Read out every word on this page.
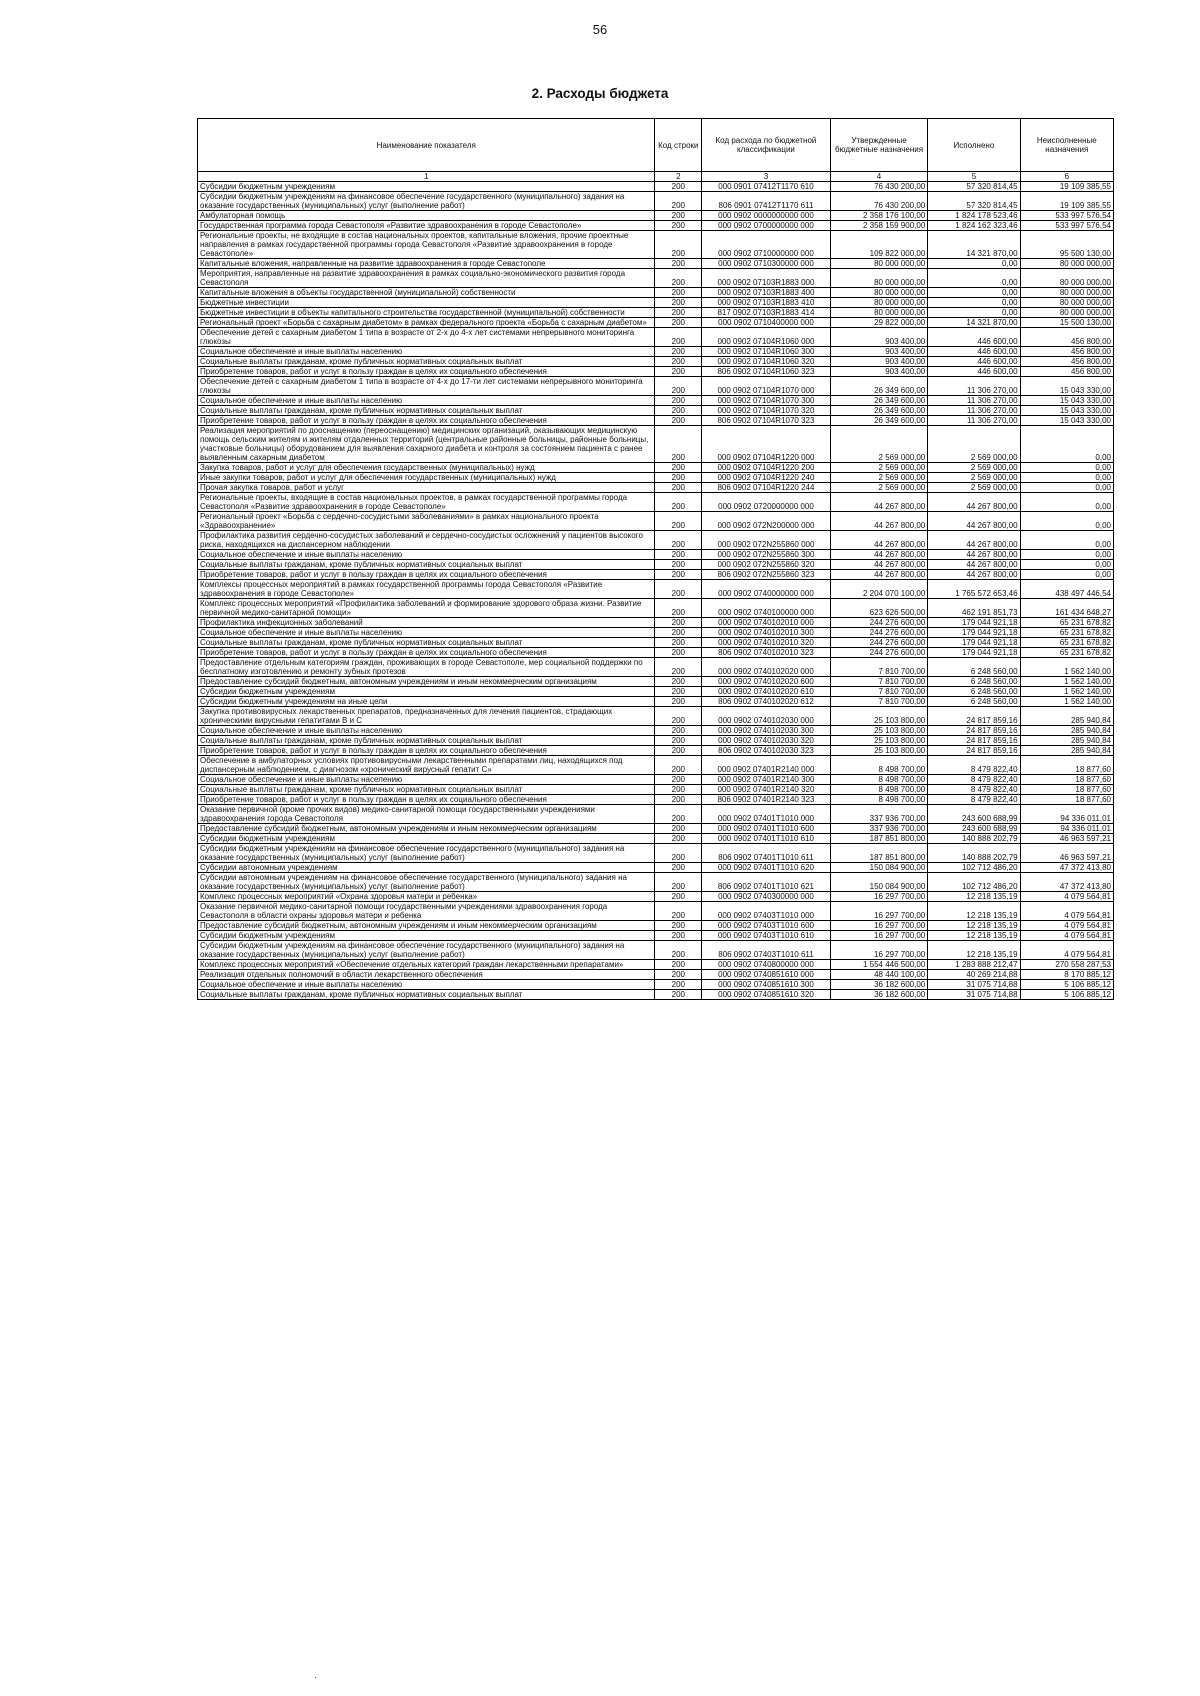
56
2. Расходы бюджета
Наименование показателя	Код строки	Код расхода по бюджетной классификации	Утвержденные бюджетные назначения	Исполнено	Неисполненные назначения
1	2	3	4	5	6
Субсидии бюджетным учреждениям	200	000 0901 07412Т1170 610	76 430 200,00	57 320 814,45	19 109 385,55
Субсидии бюджетным учреждениям на финансовое обеспечение государственного (муниципального) задания на оказание государственных (муниципальных) услуг (выполнение работ)	200	806 0901 07412Т1170 611	76 430 200,00	57 320 814,45	19 109 385,55
Амбулаторная помощь	200	000 0902 0000000000 000	2 358 176 100,00	1 824 178 523,46	533 997 576,54
Государственная программа города Севастополя «Развитие здравоохранения в городе Севастополе»	200	000 0902 0700000000 000	2 358 159 900,00	1 824 162 323,46	533 997 576,54
Региональные проекты, не входящие в состав национальных проектов, капитальные вложения, прочие проектные направления в рамках государственной программы города Севастополя «Развитие здравоохранения в городе Севастополе»	200	000 0902 0710000000 000	109 822 000,00	14 321 870,00	95 500 130,00
Капитальные вложения, направленные на развитие здравоохранения в городе Севастополе	200	000 0902 0710300000 000	80 000 000,00	0,00	80 000 000,00
Мероприятия, направленные на развитие здравоохранения в рамках социально-экономического развития города Севастополя	200	000 0902 07103R1883 000	80 000 000,00	0,00	80 000 000,00
Капитальные вложения в объекты государственной (муниципальной) собственности	200	000 0902 07103R1883 400	80 000 000,00	0,00	80 000 000,00
Бюджетные инвестиции	200	000 0902 07103R1883 410	80 000 000,00	0,00	80 000 000,00
Бюджетные инвестиции в объекты капитального строительства государственной (муниципальной) собственности	200	817 0902 07103R1883 414	80 000 000,00	0,00	80 000 000,00
Региональный проект «Борьба с сахарным диабетом» в рамках федерального проекта «Борьба с сахарным диабетом»	200	000 0902 0710400000 000	29 822 000,00	14 321 870,00	15 500 130,00
Обеспечение детей с сахарным диабетом 1 типа в возрасте от 2-х до 4-х лет системами непрерывного мониторинга глюкозы	200	000 0902 07104R1060 000	903 400,00	446 600,00	456 800,00
Социальное обеспечение и иные выплаты населению	200	000 0902 07104R1060 300	903 400,00	446 600,00	456 800,00
Социальные выплаты гражданам, кроме публичных нормативных социальных выплат	200	000 0902 07104R1060 320	903 400,00	446 600,00	456 800,00
Приобретение товаров, работ и услуг в пользу граждан в целях их социального обеспечения	200	806 0902 07104R1060 323	903 400,00	446 600,00	456 800,00
Обеспечение детей с сахарным диабетом 1 типа в возрасте от 4-х до 17-ти лет системами непрерывного мониторинга глюкозы	200	000 0902 07104R1070 000	26 349 600,00	11 306 270,00	15 043 330,00
Социальное обеспечение и иные выплаты населению	200	000 0902 07104R1070 300	26 349 600,00	11 306 270,00	15 043 330,00
Социальные выплаты гражданам, кроме публичных нормативных социальных выплат	200	000 0902 07104R1070 320	26 349 600,00	11 306 270,00	15 043 330,00
Приобретение товаров, работ и услуг в пользу граждан в целях их социального обеспечения	200	806 0902 07104R1070 323	26 349 600,00	11 306 270,00	15 043 330,00
Реализация мероприятий по дооснащению (переоснащению) медицинских организаций, оказывающих медицинскую помощь сельским жителям и жителям отдаленных территорий (центральные районные больницы, районные больницы, участковые больницы) оборудованием для выявления сахарного диабета и контроля за состоянием пациента с ранее выявленным сахарным диабетом	200	000 0902 07104R1220 000	2 569 000,00	2 569 000,00	0,00
Закупка товаров, работ и услуг для обеспечения государственных (муниципальных) нужд	200	000 0902 07104R1220 200	2 569 000,00	2 569 000,00	0,00
Иные закупки товаров, работ и услуг для обеспечения государственных (муниципальных) нужд	200	000 0902 07104R1220 240	2 569 000,00	2 569 000,00	0,00
Прочая закупка товаров, работ и услуг	200	806 0902 07104R1220 244	2 569 000,00	2 569 000,00	0,00
Региональные проекты, входящие в состав национальных проектов, в рамках государственной программы города Севастополя «Развитие здравоохранения в городе Севастополе»	200	000 0902 0720000000 000	44 267 800,00	44 267 800,00	0,00
Региональный проект «Борьба с сердечно-сосудистыми заболеваниями» в рамках национального проекта «Здравоохранение»	200	000 0902 072N200000 000	44 267 800,00	44 267 800,00	0,00
Профилактика развития сердечно-сосудистых заболеваний и сердечно-сосудистых осложнений у пациентов высокого риска, находящихся на диспансерном наблюдении	200	000 0902 072N255860 000	44 267 800,00	44 267 800,00	0,00
Социальное обеспечение и иные выплаты населению	200	000 0902 072N255860 300	44 267 800,00	44 267 800,00	0,00
Социальные выплаты гражданам, кроме публичных нормативных социальных выплат	200	000 0902 072N255860 320	44 267 800,00	44 267 800,00	0,00
Приобретение товаров, работ и услуг в пользу граждан в целях их социального обеспечения	200	806 0902 072N255860 323	44 267 800,00	44 267 800,00	0,00
Комплексы процессных мероприятий в рамках государственной программы города Севастополя «Развитие здравоохранения в городе Севастополе»	200	000 0902 0740000000 000	2 204 070 100,00	1 765 572 653,46	438 497 446,54
Комплекс процессных мероприятий «Профилактика заболеваний и формирование здорового образа жизни. Развитие первичной медико-санитарной помощи»	200	000 0902 0740100000 000	623 626 500,00	462 191 851,73	161 434 648,27
Профилактика инфекционных заболеваний	200	000 0902 0740102010 000	244 276 600,00	179 044 921,18	65 231 678,82
Социальное обеспечение и иные выплаты населению	200	000 0902 0740102010 300	244 276 600,00	179 044 921,18	65 231 678,82
Социальные выплаты гражданам, кроме публичных нормативных социальных выплат	200	000 0902 0740102010 320	244 276 600,00	179 044 921,18	65 231 678,82
Приобретение товаров, работ и услуг в пользу граждан в целях их социального обеспечения	200	806 0902 0740102010 323	244 276 600,00	179 044 921,18	65 231 678,82
Предоставление отдельным категориям граждан, проживающих в городе Севастополе, мер социальной поддержки по бесплатному изготовлению и ремонту зубных протезов	200	000 0902 0740102020 000	7 810 700,00	6 248 560,00	1 562 140,00
Предоставление субсидий бюджетным, автономным учреждениям и иным некоммерческим организациям	200	000 0902 0740102020 600	7 810 700,00	6 248 560,00	1 562 140,00
Субсидии бюджетным учреждениям	200	000 0902 0740102020 610	7 810 700,00	6 248 560,00	1 562 140,00
Субсидии бюджетным учреждениям на иные цели	200	806 0902 0740102020 612	7 810 700,00	6 248 560,00	1 562 140,00
Закупка противовирусных лекарственных препаратов, предназначенных для лечения пациентов, страдающих хроническими вирусными гепатитами В и С	200	000 0902 0740102030 000	25 103 800,00	24 817 859,16	285 940,84
Социальное обеспечение и иные выплаты населению	200	000 0902 0740102030 300	25 103 800,00	24 817 859,16	285 940,84
Социальные выплаты гражданам, кроме публичных нормативных социальных выплат	200	000 0902 0740102030 320	25 103 800,00	24 817 859,16	285 940,84
Приобретение товаров, работ и услуг в пользу граждан в целях их социального обеспечения	200	806 0902 0740102030 323	25 103 800,00	24 817 859,16	285 940,84
Обеспечение в амбулаторных условиях противовирусными лекарственными препаратами лиц, находящихся под диспансерным наблюдением, с диагнозом «хронический вирусный гепатит С»	200	000 0902 07401R2140 000	8 498 700,00	8 479 822,40	18 877,60
Социальное обеспечение и иные выплаты населению	200	000 0902 07401R2140 300	8 498 700,00	8 479 822,40	18 877,60
Социальные выплаты гражданам, кроме публичных нормативных социальных выплат	200	000 0902 07401R2140 320	8 498 700,00	8 479 822,40	18 877,60
Приобретение товаров, работ и услуг в пользу граждан в целях их социального обеспечения	200	806 0902 07401R2140 323	8 498 700,00	8 479 822,40	18 877,60
Оказание первичной (кроме прочих видов) медико-санитарной помощи государственными учреждениями здравоохранения города Севастополя	200	000 0902 07401Т1010 000	337 936 700,00	243 600 688,99	94 336 011,01
Предоставление субсидий бюджетным, автономным учреждениям и иным некоммерческим организациям	200	000 0902 07401Т1010 600	337 936 700,00	243 600 688,99	94 336 011,01
Субсидии бюджетным учреждениям	200	000 0902 07401Т1010 610	187 851 800,00	140 888 202,79	46 963 597,21
Субсидии бюджетным учреждениям на финансовое обеспечение государственного (муниципального) задания на оказание государственных (муниципальных) услуг (выполнение работ)	200	806 0902 07401Т1010 611	187 851 800,00	140 888 202,79	46 963 597,21
Субсидии автономным учреждениям	200	000 0902 07401Т1010 620	150 084 900,00	102 712 486,20	47 372 413,80
Субсидии автономным учреждениям на финансовое обеспечение государственного (муниципального) задания на оказание государственных (муниципальных) услуг (выполнение работ)	200	806 0902 07401Т1010 621	150 084 900,00	102 712 486,20	47 372 413,80
Комплекс процессных мероприятий «Охрана здоровья матери и ребенка»	200	000 0902 0740300000 000	16 297 700,00	12 218 135,19	4 079 564,81
Оказание первичной медико-санитарной помощи государственными учреждениями здравоохранения города Севастополя в области охраны здоровья матери и ребенка	200	000 0902 07403Т1010 000	16 297 700,00	12 218 135,19	4 079 564,81
Предоставление субсидий бюджетным, автономным учреждениям и иным некоммерческим организациям	200	000 0902 07403Т1010 600	16 297 700,00	12 218 135,19	4 079 564,81
Субсидии бюджетным учреждениям	200	000 0902 07403Т1010 610	16 297 700,00	12 218 135,19	4 079 564,81
Субсидии бюджетным учреждениям на финансовое обеспечение государственного (муниципального) задания на оказание государственных (муниципальных) услуг (выполнение работ)	200	806 0902 07403Т1010 611	16 297 700,00	12 218 135,19	4 079 564,81
Комплекс процессных мероприятий «Обеспечение отдельных категорий граждан лекарственными препаратами»	200	000 0902 0740800000 000	1 554 446 500,00	1 283 888 212,47	270 558 287,53
Реализация отдельных полномочий в области лекарственного обеспечения	200	000 0902 0740851610 000	48 440 100,00	40 269 214,88	8 170 885,12
Социальное обеспечение и иные выплаты населению	200	000 0902 0740851610 300	36 182 600,00	31 075 714,88	5 106 885,12
Социальные выплаты гражданам, кроме публичных нормативных социальных выплат	200	000 0902 0740851610 320	36 182 600,00	31 075 714,88	5 106 885,12
·
